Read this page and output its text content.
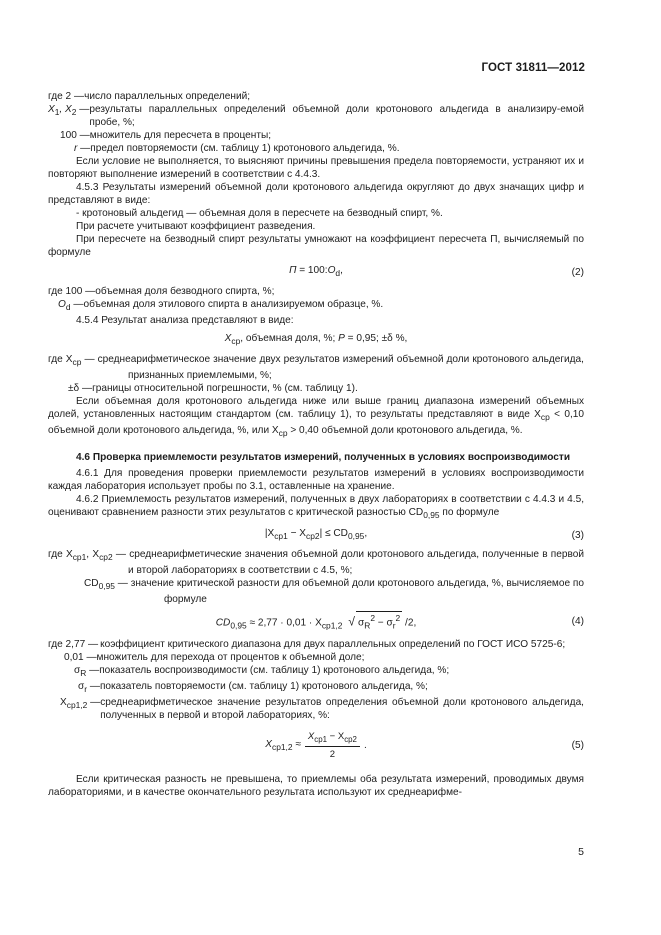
ГОСТ 31811—2012
где 2 — число параллельных определений;
$X_1$, $X_2$ — результаты параллельных определений объемной доли кротонового альдегида в анализиру-емой пробе, %;
100 — множитель для пересчета в проценты;
r — предел повторяемости (см. таблицу 1) кротонового альдегида, %.

Если условие не выполняется, то выясняют причины превышения предела повторяемости, устраняют их и повторяют выполнение измерений в соответствии с 4.4.3.

4.5.3 Результаты измерений объемной доли кротонового альдегида округляют до двух значащих цифр и представляют в виде:

- кротоновый альдегид — объемная доля в пересчете на безводный спирт, %.

При расчете учитывают коэффициент разведения.

При пересчете на безводный спирт результаты умножают на коэффициент пересчета П, вычисляемый по формуле

$П = 100:O_d$,	(2)
где 100 — объемная доля безводного спирта, %;
$O_d$ — объемная доля этилового спирта в анализируемом образце, %.

4.5.4 Результат анализа представляют в виде:

$X_{ср}$, объемная доля, %; P = 0,95; ±δ %,
где $X_{ср}$ — среднеарифметическое значение двух результатов измерений объемной доли кротонового альдегида, признанных приемлемыми, %;
±δ — границы относительной погрешности, % (см. таблицу 1).

Если объемная доля кротонового альдегида ниже или выше границ диапазона измерений объемных долей, установленных настоящим стандартом (см. таблицу 1), то результаты представляют в виде $X_{ср} < 0,10$ объемной доли кротонового альдегида, %, или $X_{ср} > 0,40$ объемной доли кротонового альдегида, %.

4.6 Проверка приемлемости результатов измерений, полученных в условиях воспроизводимости

4.6.1 Для проведения проверки приемлемости результатов измерений в условиях воспроизводимости каждая лаборатория использует пробы по 3.1, оставленные на хранение.

4.6.2 Приемлемость результатов измерений, полученных в двух лабораториях в соответствии с 4.4.3 и 4.5, оценивают сравнением разности этих результатов с критической разностью $CD_{0,95}$ по формуле

$|X_{ср1} - X_{ср2}| \le CD_{0,95}$,	(3)
где $X_{ср1}$, $X_{ср2}$ — среднеарифметические значения объемной доли кротонового альдегида, полученные в первой и второй лабораториях в соответствии с 4.5, %;
$CD_{0,95}$ — значение критической разности для объемной доли кротонового альдегида, %, вычисляемое по формуле
$CD_{0,95} \approx 2,77 \cdot 0,01 \cdot X_{ср1,2}$ √ $\sigma_R^2 - \sigma_r^2$ /2,	(4)
где 2,77 — коэффициент критического диапазона для двух параллельных определений по ГОСТ ИСО 5725-6;
0,01 — множитель для перехода от процентов к объемной доле;
$\sigma_R$ — показатель воспроизводимости (см. таблицу 1) кротонового альдегида, %;
$\sigma_r$ — показатель повторяемости (см. таблицу 1) кротонового альдегида, %;
$X_{ср1,2}$ — среднеарифметическое значение результатов определения объемной доли кротонового альдегида, полученных в первой и второй лабораториях, %:
$X_{ср1,2} \approx \frac{X_{ср1} - X_{ср2}}{2}$ .	(5)

Если критическая разность не превышена, то приемлемы оба результата измерений, проводимых двумя лабораториями, и в качестве окончательного результата используют их среднеарифме-

5
